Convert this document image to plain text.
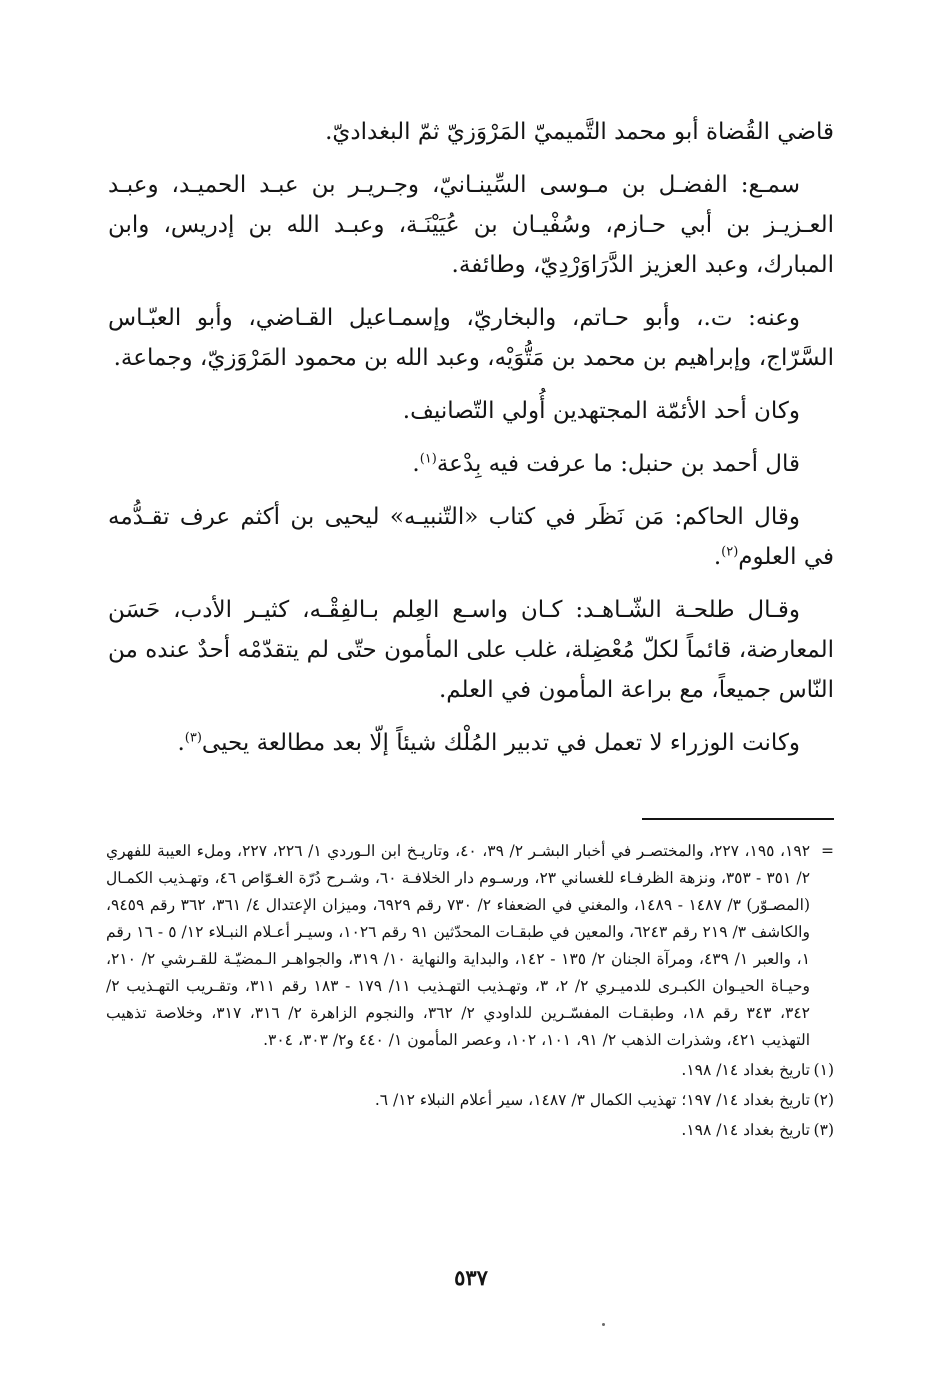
قاضي القُضاة أبو محمد التَّميميّ المَرْوَزيّ ثمّ البغداديّ.

سمـع: الفضـل بن مـوسى السِّينـانيّ، وجـريـر بن عبـد الحميـد، وعبـد العـزيـز بن أبي حـازم، وسُفْيـان بن عُيَيْنَـة، وعبـد الله بن إدريس، وابن المبارك، وعبد العزيز الدَّرَاوَرْدِيّ، وطائفة.

وعنه: ت.، وأبو حـاتم، والبخاريّ، وإسمـاعيل القـاضي، وأبو العبّـاس السَّرّاج، وإبراهيم بن محمد بن مَتُّوَيْه، وعبد الله بن محمود المَرْوَزيّ، وجماعة.

وكان أحد الأئمّة المجتهدين أُولي التّصانيف.

قال أحمد بن حنبل: ما عرفت فيه بِدْعة$^{(١)}$.

وقال الحاكم: مَن نَظَر في كتاب «التّنبيـه» ليحيى بن أكثم عرف تقـدُّمه في العلوم$^{(٢)}$.

وقـال طلحـة الشّـاهـد: كـان واسـع العِلم بـالفِقْـه، كثيـر الأدب، حَسَن المعارضة، قائماً لكلّ مُعْضِلة، غلب على المأمون حتّى لم يتقدّمْه أحدٌ عنده من النّاس جميعاً، مع براعة المأمون في العلم.

وكانت الوزراء لا تعمل في تدبير المُلْك شيئاً إلّا بعد مطالعة يحيى$^{(٣)}$.

=
١٩٢، ١٩٥، ٢٢٧، والمختصـر في أخبار البشـر ٢/ ٣٩، ٤٠، وتاريـخ ابن الـوردي ١/ ٢٢٦، ٢٢٧، وملء العيبة للفهري ٢/ ٣٥١ - ٣٥٣، ونزهة الظرفـاء للغساني ٢٣، ورسـوم دار الخلافـة ٦٠، وشـرح دُرّة الغـوّاص ٤٦، وتهـذيب الكمـال (المصـوّر) ٣/ ١٤٨٧ - ١٤٨٩، والمغني في الضعفاء ٢/ ٧٣٠ رقم ٦٩٢٩، وميزان الإعتدال ٤/ ٣٦١، ٣٦٢ رقم ٩٤٥٩، والكاشف ٣/ ٢١٩ رقم ٦٢٤٣، والمعين في طبقـات المحدّثين ٩١ رقم ١٠٢٦، وسيـر أعـلام النبـلاء ١٢/ ٥ - ١٦ رقم ١، والعبر ١/ ٤٣٩، ومرآة الجنان ٢/ ١٣٥ - ١٤٢، والبداية والنهاية ١٠/ ٣١٩، والجواهـر الـمضيّـة للقـرشي ٢/ ٢١٠، وحيـاة الحيـوان الكبـرى للدميـري ٢/ ٢، ٣، وتهـذيب التهـذيب ١١/ ١٧٩ - ١٨٣ رقم ٣١١، وتقـريب التهـذيب ٢/ ٣٤٢، ٣٤٣ رقم ١٨، وطبقـات المفسّـرين للداودي ٢/ ٣٦٢، والنجوم الزاهرة ٢/ ٣١٦، ٣١٧، وخلاصة تذهيب التهذيب ٤٢١، وشذرات الذهب ٢/ ٩١، ١٠١، ١٠٢، وعصر المأمون ١/ ٤٤٠ و٢/ ٣٠٣، ٣٠٤.
(١)
تاريخ بغداد ١٤/ ١٩٨.
(٢)
تاريخ بغداد ١٤/ ١٩٧؛ تهذيب الكمال ٣/ ١٤٨٧، سير أعلام النبلاء ١٢/ ٦.
(٣)
تاريخ بغداد ١٤/ ١٩٨.
٥٣٧
